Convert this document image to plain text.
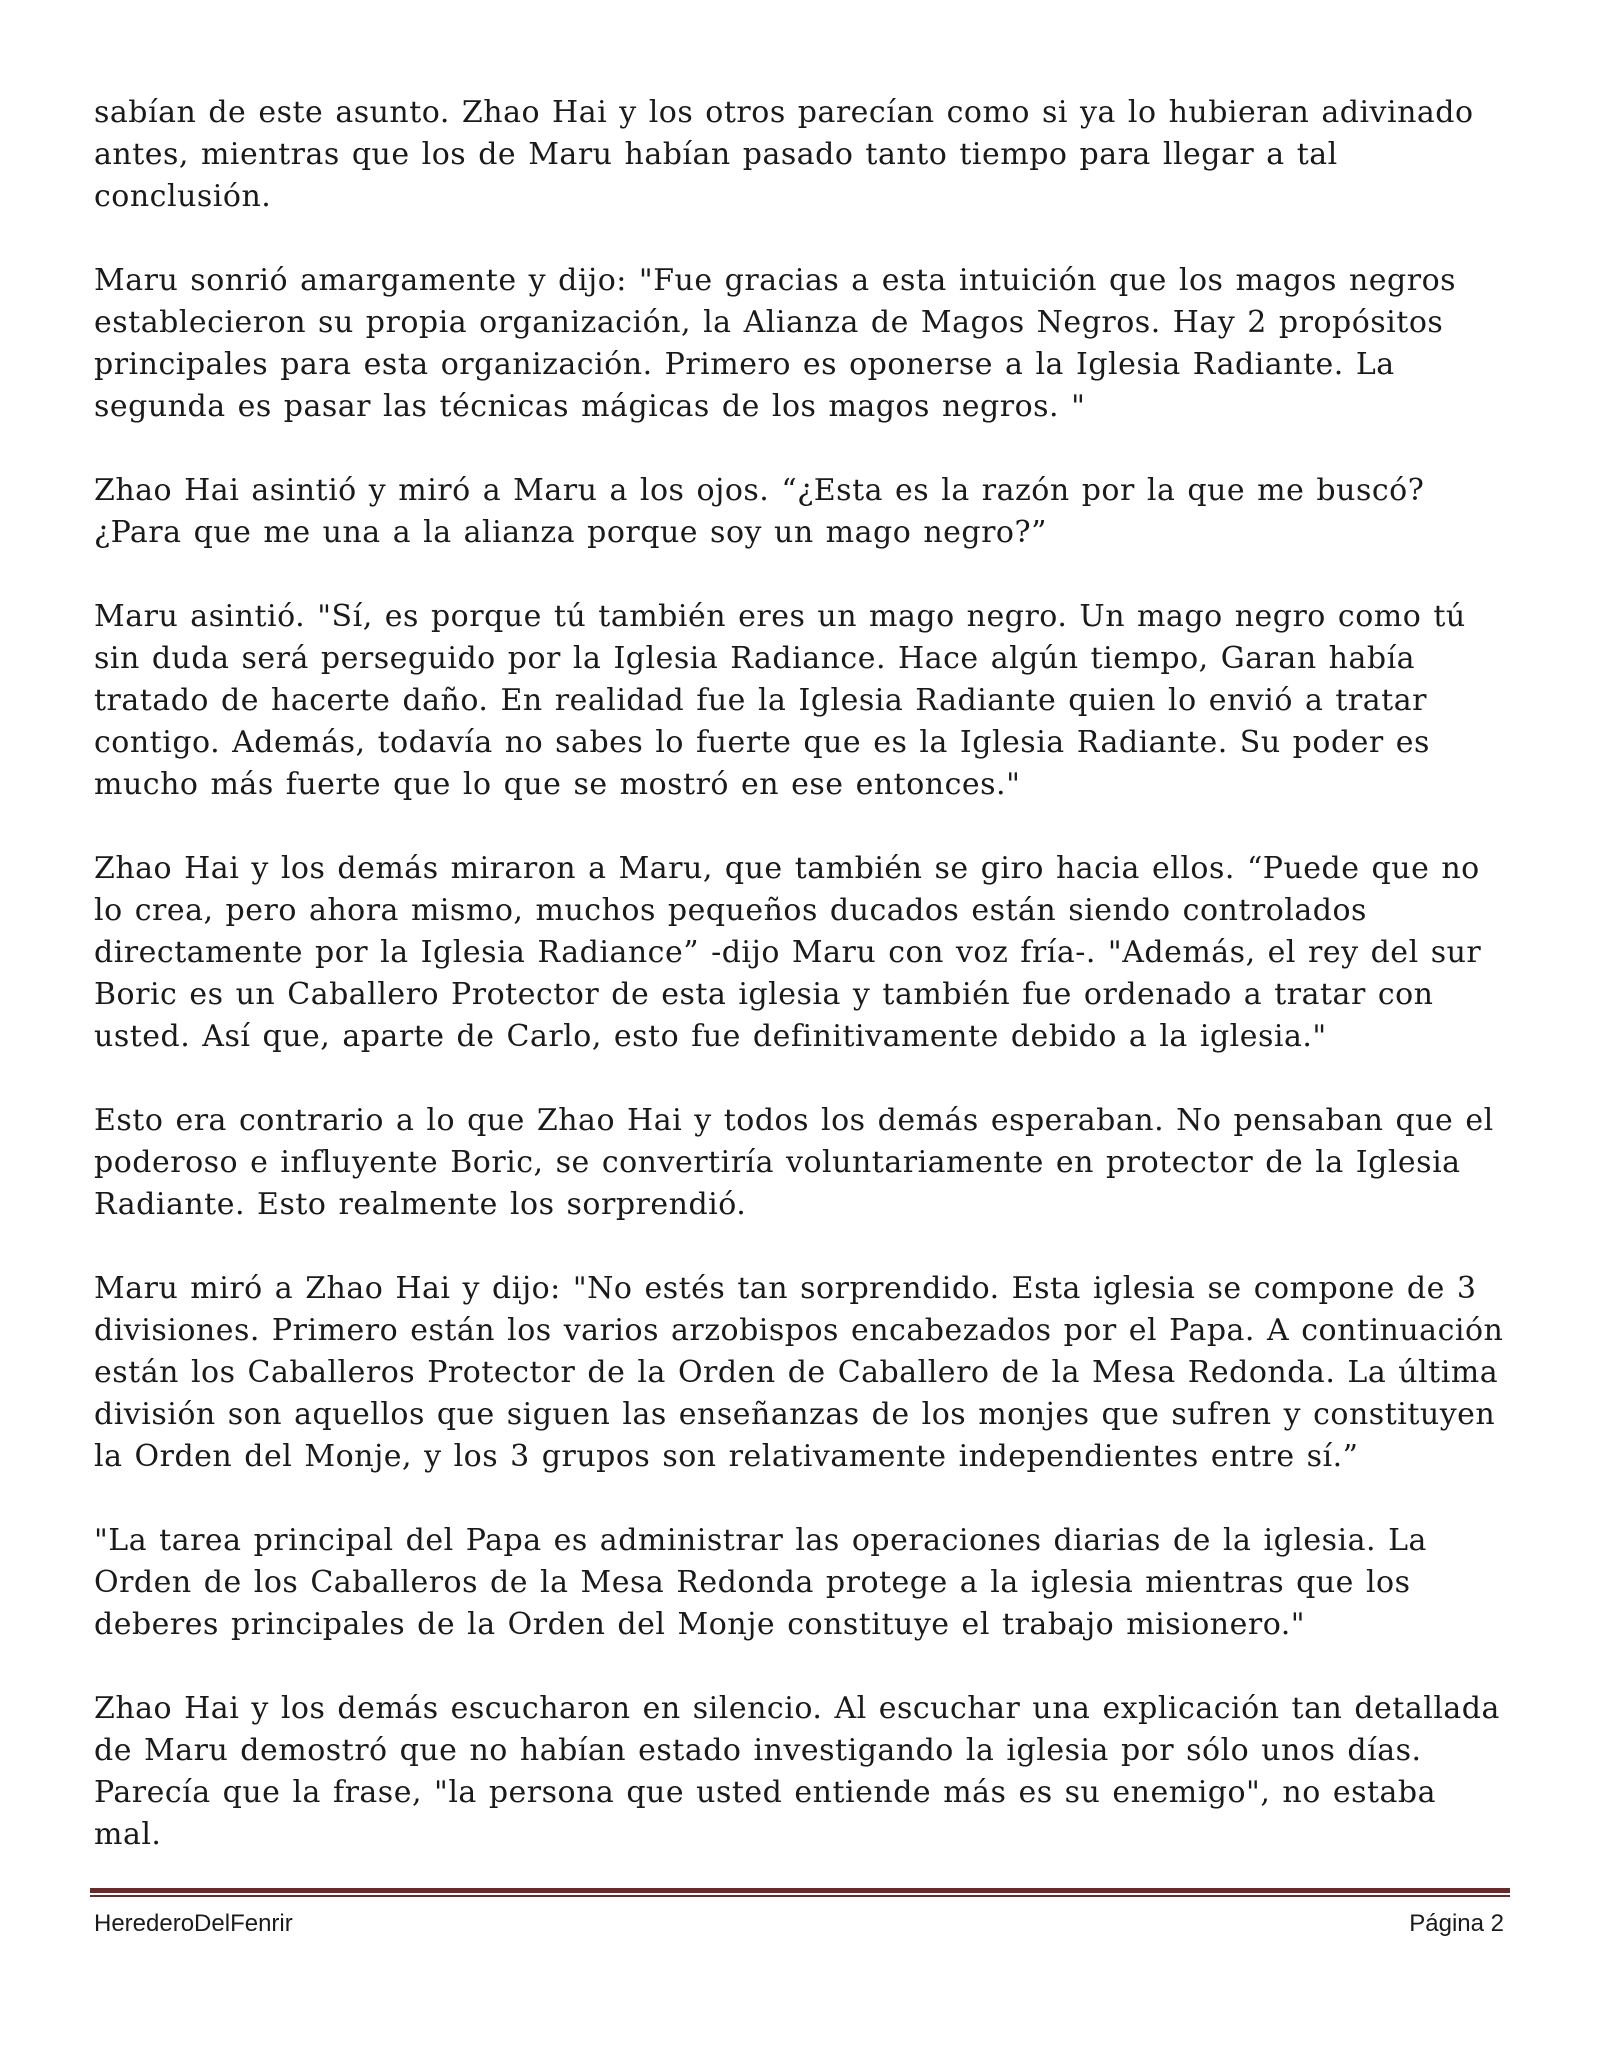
sabían de este asunto. Zhao Hai y los otros parecían como si ya lo hubieran adivinado antes, mientras que los de Maru habían pasado tanto tiempo para llegar a tal conclusión.

Maru sonrió amargamente y dijo: "Fue gracias a esta intuición que los magos negros establecieron su propia organización, la Alianza de Magos Negros. Hay 2 propósitos principales para esta organización. Primero es oponerse a la Iglesia Radiante. La segunda es pasar las técnicas mágicas de los magos negros. "

Zhao Hai asintió y miró a Maru a los ojos. “¿Esta es la razón por la que me buscó? ¿Para que me una a la alianza porque soy un mago negro?”

Maru asintió. "Sí, es porque tú también eres un mago negro. Un mago negro como tú sin duda será perseguido por la Iglesia Radiance. Hace algún tiempo, Garan había tratado de hacerte daño. En realidad fue la Iglesia Radiante quien lo envió a tratar contigo. Además, todavía no sabes lo fuerte que es la Iglesia Radiante. Su poder es mucho más fuerte que lo que se mostró en ese entonces."

Zhao Hai y los demás miraron a Maru, que también se giro hacia ellos. “Puede que no lo crea, pero ahora mismo, muchos pequeños ducados están siendo controlados directamente por la Iglesia Radiance” -dijo Maru con voz fría-. "Además, el rey del sur Boric es un Caballero Protector de esta iglesia y también fue ordenado a tratar con usted. Así que, aparte de Carlo, esto fue definitivamente debido a la iglesia."

Esto era contrario a lo que Zhao Hai y todos los demás esperaban. No pensaban que el poderoso e influyente Boric, se convertiría voluntariamente en protector de la Iglesia Radiante. Esto realmente los sorprendió.

Maru miró a Zhao Hai y dijo: "No estés tan sorprendido. Esta iglesia se compone de 3 divisiones. Primero están los varios arzobispos encabezados por el Papa. A continuación están los Caballeros Protector de la Orden de Caballero de la Mesa Redonda. La última división son aquellos que siguen las enseñanzas de los monjes que sufren y constituyen la Orden del Monje, y los 3 grupos son relativamente independientes entre sí.”

"La tarea principal del Papa es administrar las operaciones diarias de la iglesia. La Orden de los Caballeros de la Mesa Redonda protege a la iglesia mientras que los deberes principales de la Orden del Monje constituye el trabajo misionero."

Zhao Hai y los demás escucharon en silencio. Al escuchar una explicación tan detallada de Maru demostró que no habían estado investigando la iglesia por sólo unos días. Parecía que la frase, "la persona que usted entiende más es su enemigo", no estaba mal.

HerederoDelFenrir	Página 2
